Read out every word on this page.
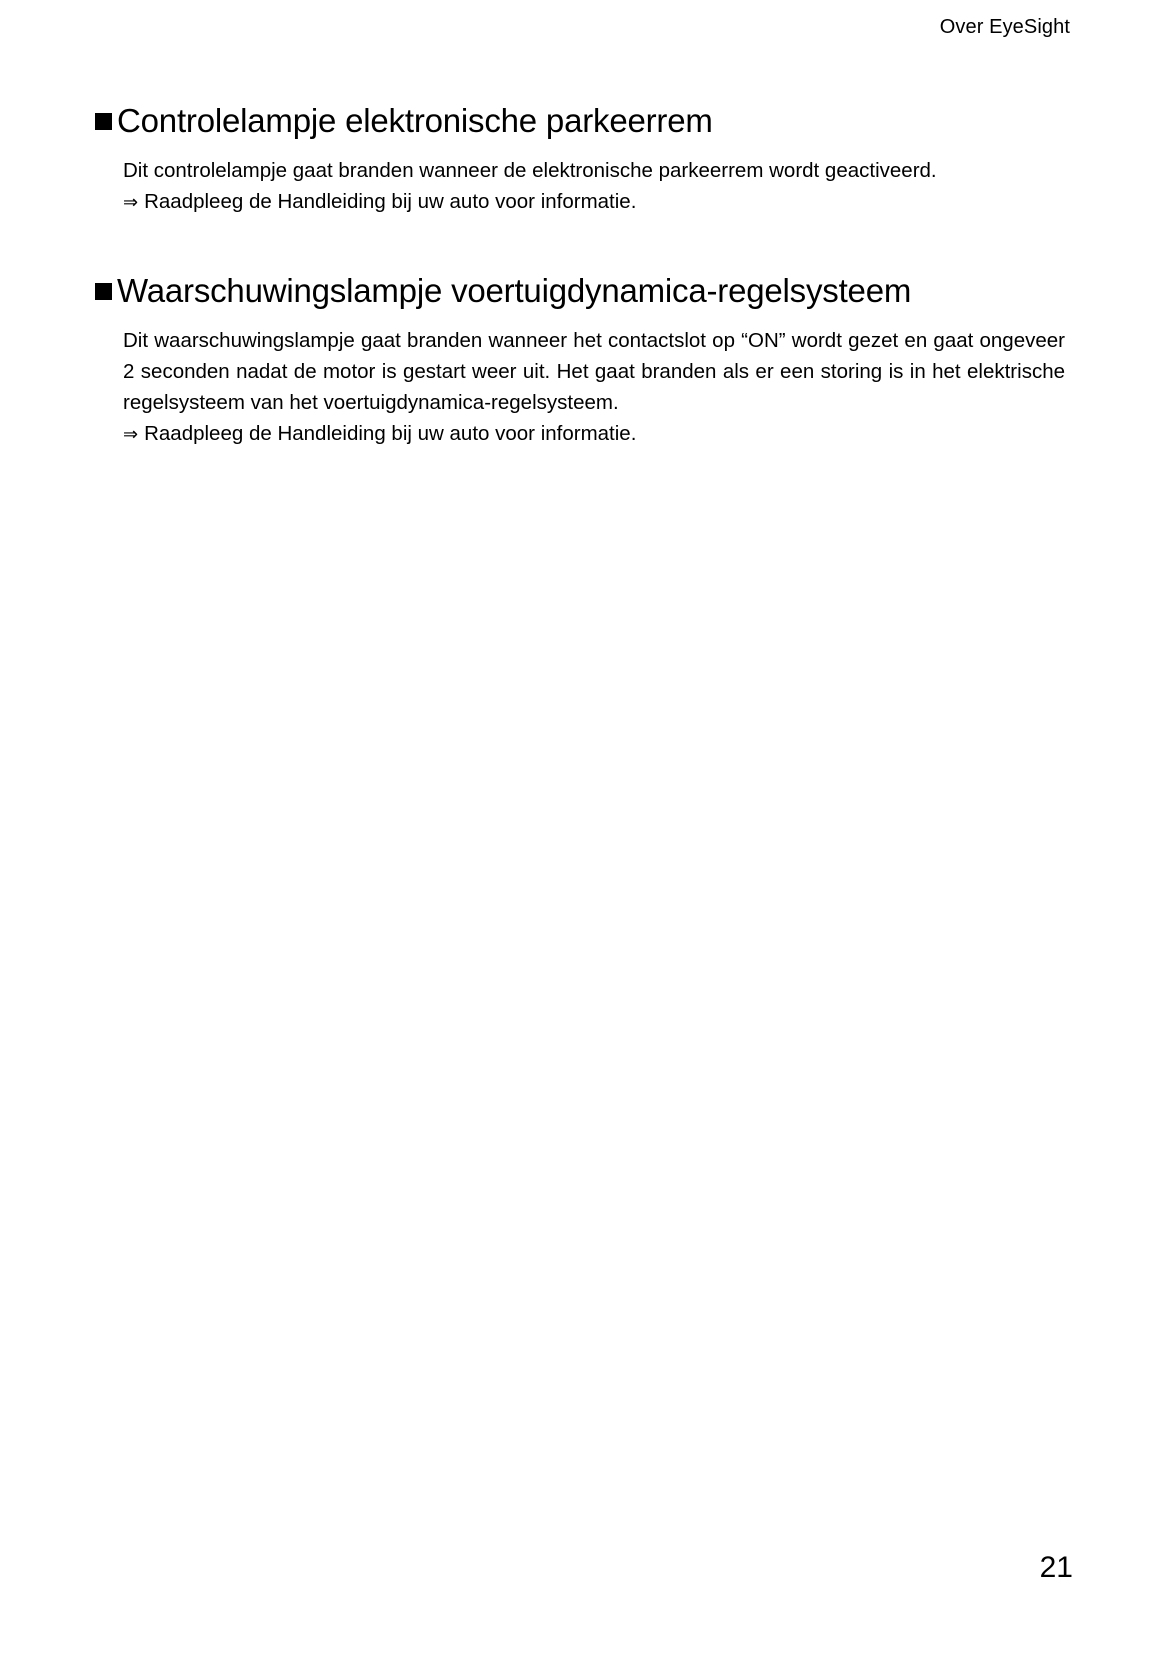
Over EyeSight
Controlelampje elektronische parkeerrem

Dit controlelampje gaat branden wanneer de elektronische parkeerrem wordt geactiveerd.

⇒ Raadpleeg de Handleiding bij uw auto voor informatie.

Waarschuwingslampje voertuigdynamica-regelsysteem

Dit waarschuwingslampje gaat branden wanneer het contactslot op “ON” wordt gezet en gaat ongeveer 2 seconden nadat de motor is gestart weer uit. Het gaat branden als er een storing is in het elektrische regelsysteem van het voertuigdynamica-regelsysteem.

⇒ Raadpleeg de Handleiding bij uw auto voor informatie.

21
